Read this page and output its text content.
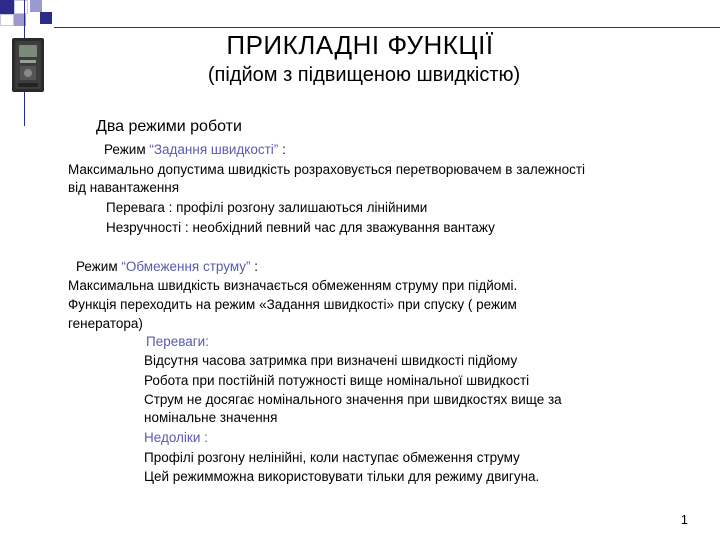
ПРИКЛАДНІ ФУНКЦІЇ
(підйом з підвищеною швидкістю)
Два режими роботи
Режим “Задання швидкості” :
Максимально допустима швидкість розраховується перетворювачем в залежності
від навантаження
Перевага : профілі розгону залишаються лінійними
Незручності : необхідний певний час для зважування вантажу
Режим “Обмеження струму” :
Максимальна швидкість визначається обмеженням струму при підйомі.
Функція переходить на режим «Задання швидкості» при спуску ( режим
генератора)
Переваги:
Відсутня часова затримка при визначені швидкості підйому
Робота при постійній потужності вище номінальної швидкості
Струм не досягає номінального значення при швидкостях вище за
номінальне значення
Недоліки :
Профілі розгону нелінійні, коли наступає обмеження струму
Цей режимможна використовувати тільки для режиму двигуна.
1
